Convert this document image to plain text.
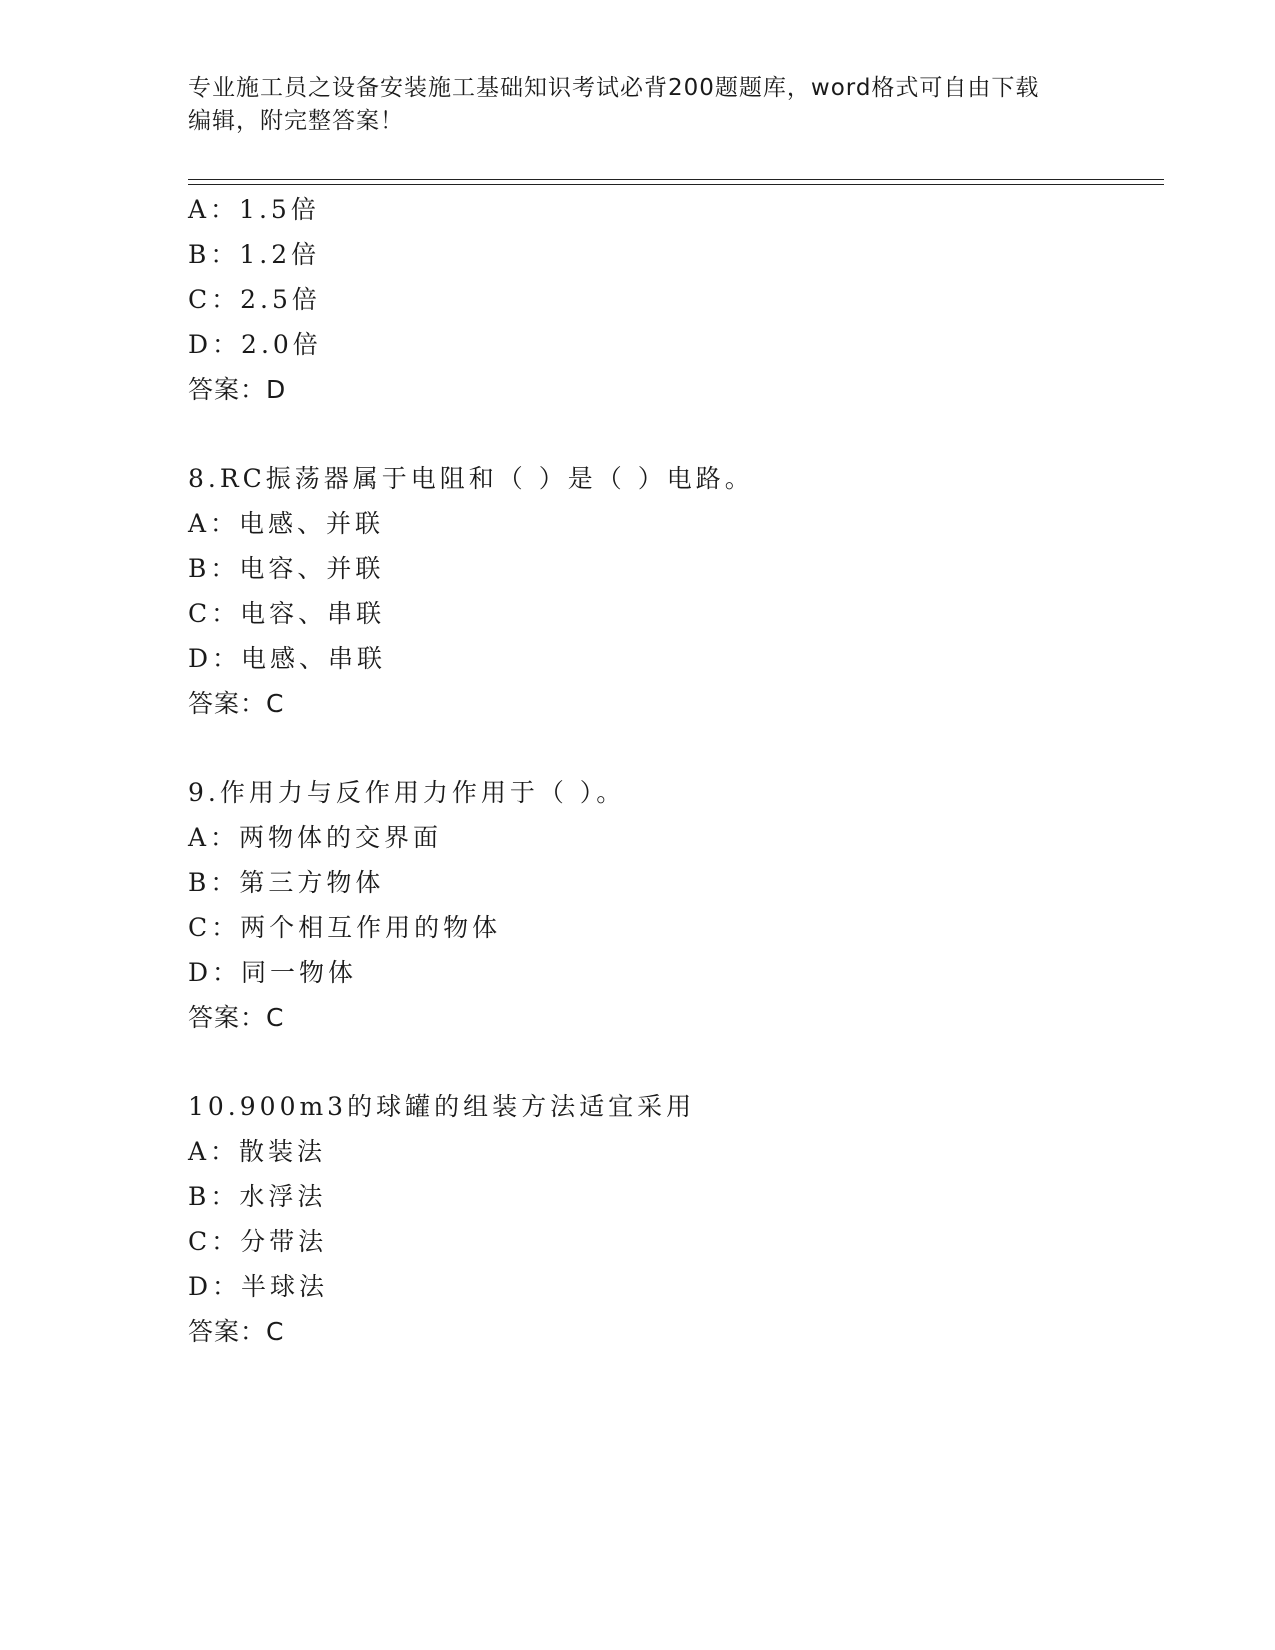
专业施工员之设备安装施工基础知识考试必背200题题库，word格式可自由下载
编辑，附完整答案！
A：1.5倍
B：1.2倍
C：2.5倍
D：2.0倍
答案：D
8.RC振荡器属于电阻和（ ）是（ ）电路。
A：电感、并联
B：电容、并联
C：电容、串联
D：电感、串联
答案：C
9.作用力与反作用力作用于（ ）。
A：两物体的交界面
B：第三方物体
C：两个相互作用的物体
D：同一物体
答案：C
10.900m3的球罐的组装方法适宜采用
A：散装法
B：水浮法
C：分带法
D：半球法
答案：C
